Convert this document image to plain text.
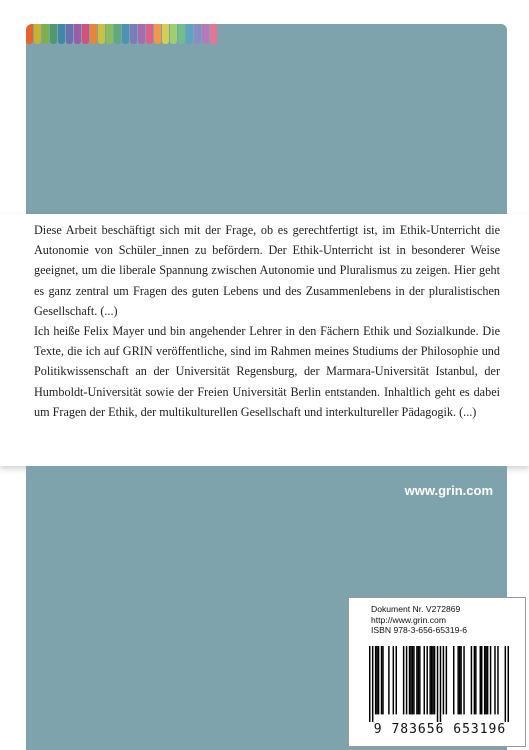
Diese Arbeit beschäftigt sich mit der Frage, ob es gerechtfertigt ist, im Ethik-Unterricht die Autonomie von Schüler_innen zu befördern. Der Ethik-Unterricht ist in besonderer Weise geeignet, um die liberale Spannung zwischen Autonomie und Pluralismus zu zeigen. Hier geht es ganz zentral um Fragen des guten Lebens und des Zusammenlebens in der pluralistischen Gesellschaft. (...)

Ich heiße Felix Mayer und bin angehender Lehrer in den Fächern Ethik und Sozialkunde. Die Texte, die ich auf GRIN veröffentliche, sind im Rahmen meines Studiums der Philosophie und Politikwissenschaft an der Universität Regensburg, der Marmara-Universität Istanbul, der Humboldt-Universität sowie der Freien Universität Berlin entstanden. Inhaltlich geht es dabei um Fragen der Ethik, der multikulturellen Gesellschaft und interkultureller Pädagogik. (...)

www.grin.com
Dokument Nr. V272869
http://www.grin.com
ISBN 978-3-656-65319-6
9 783656 653196
